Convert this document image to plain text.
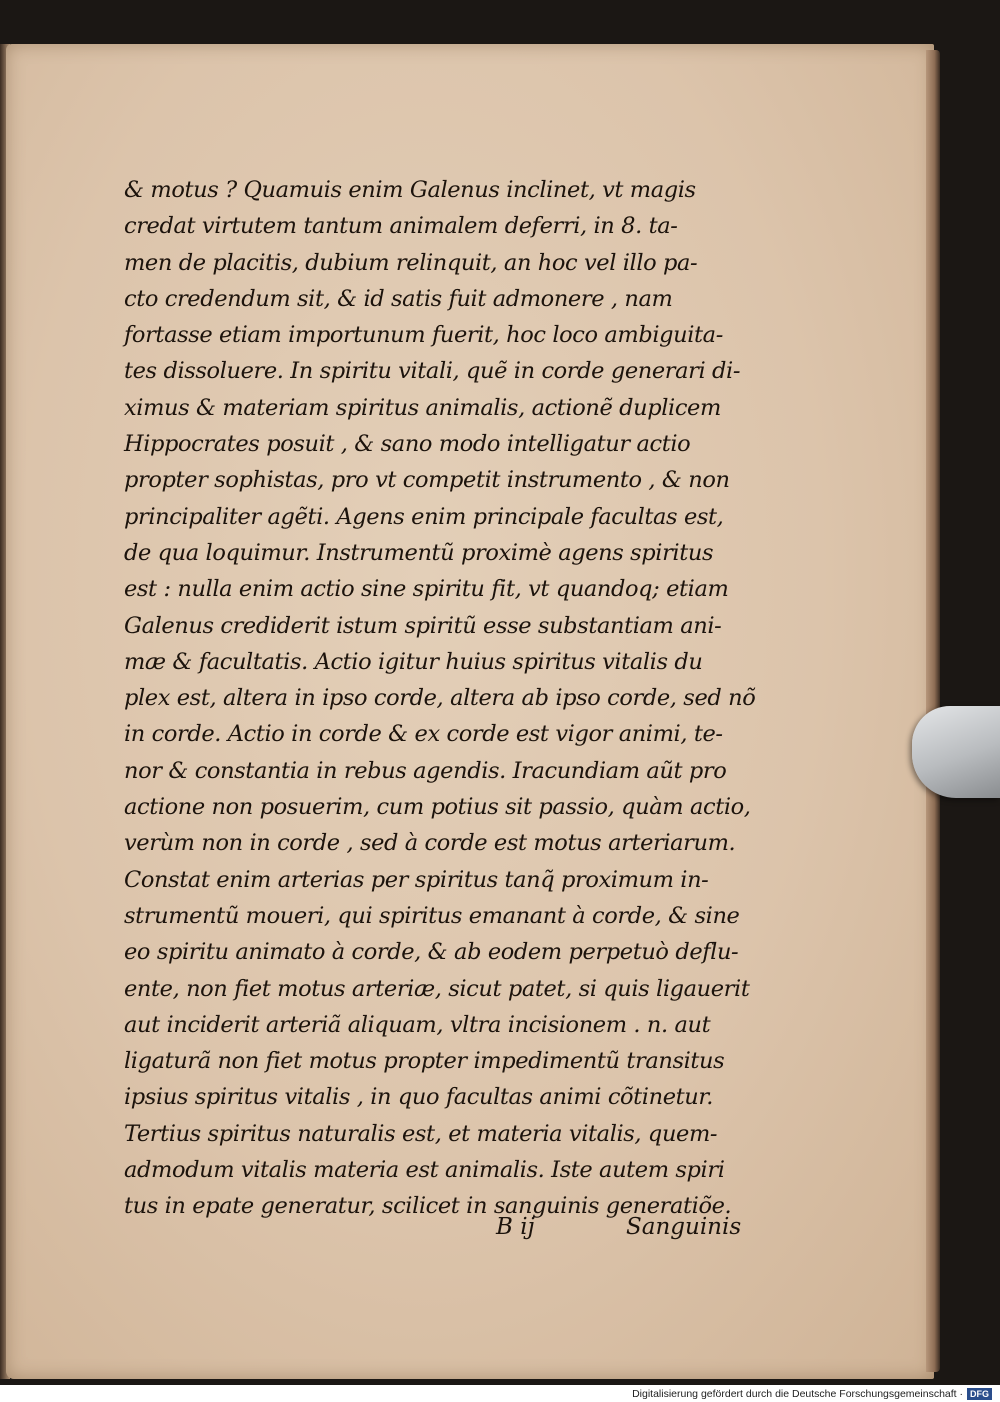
& motus ? Quamuis enim Galenus inclinet, vt magis
credat virtutem tantum animalem deferri, in 8. ta-
men de placitis, dubium relinquit, an hoc vel illo pa-
cto credendum sit, & id satis fuit admonere , nam
fortasse etiam importunum fuerit, hoc loco ambiguita-
tes dissoluere. In spiritu vitali, quẽ in corde generari di-
ximus & materiam spiritus animalis, actionẽ duplicem
Hippocrates posuit , & sano modo intelligatur actio
propter sophistas, pro vt competit instrumento , & non
principaliter agẽti. Agens enim principale facultas est,
de qua loquimur. Instrumentũ proximè agens spiritus
est : nulla enim actio sine spiritu fit, vt quandoq; etiam
Galenus crediderit istum spiritũ esse substantiam ani-
mæ & facultatis. Actio igitur huius spiritus vitalis du
plex est, altera in ipso corde, altera ab ipso corde, sed nõ
in corde. Actio in corde & ex corde est vigor animi, te-
nor & constantia in rebus agendis. Iracundiam aũt pro
actione non posuerim, cum potius sit passio, quàm actio,
verùm non in corde , sed à corde est motus arteriarum.
Constat enim arterias per spiritus tanq̃ proximum in-
strumentũ moueri, qui spiritus emanant à corde, & sine
eo spiritu animato à corde, & ab eodem perpetuò deflu-
ente, non fiet motus arteriæ, sicut patet, si quis ligauerit
aut inciderit arteriã aliquam, vltra incisionem . n. aut
ligaturã non fiet motus propter impedimentũ transitus
ipsius spiritus vitalis , in quo facultas animi cõtinetur.
Tertius spiritus naturalis est, et materia vitalis, quem-
admodum vitalis materia est animalis. Iste autem spiri
tus in epate generatur, scilicet in sanguinis generatiõe.
B ij	Sanguinis
Digitalisierung gefördert durch die Deutsche Forschungsgemeinschaft · DFG
